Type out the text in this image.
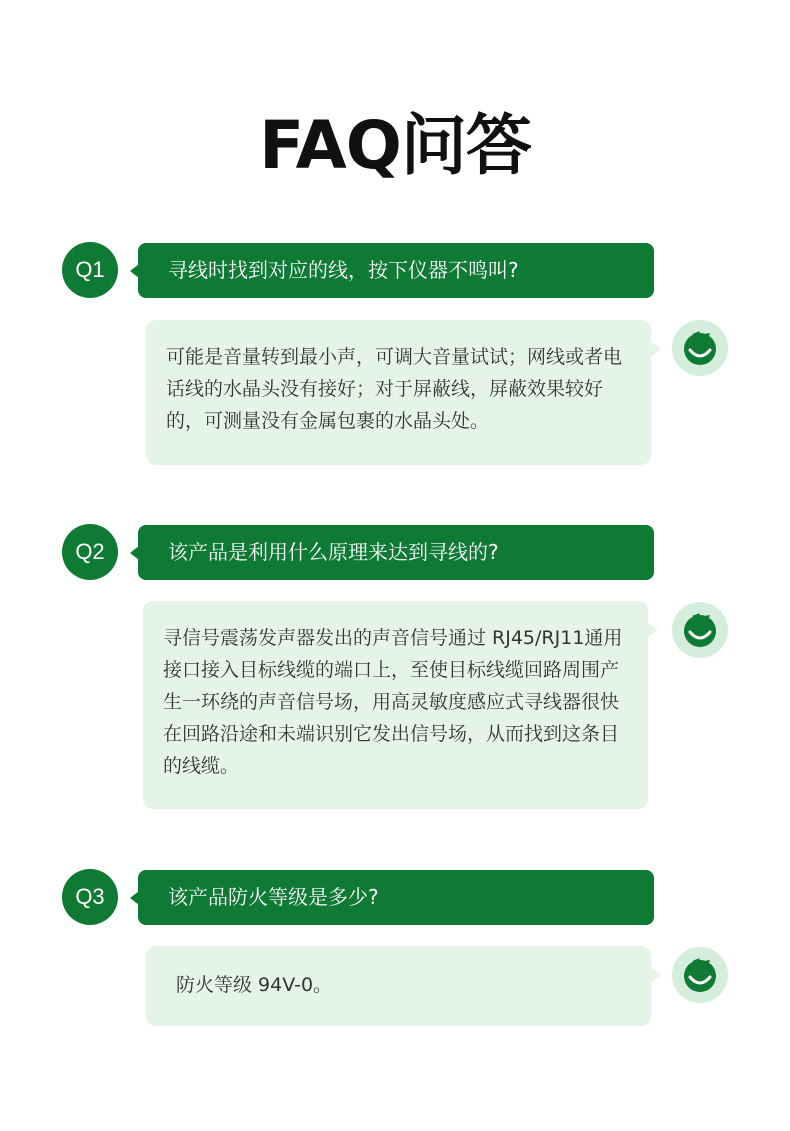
FAQ问答
Q1	寻线时找到对应的线，按下仪器不鸣叫?
可能是音量转到最小声，可调大音量试试；网线或者电话线的水晶头没有接好；对于屏蔽线，屏蔽效果较好的，可测量没有金属包裹的水晶头处。
Q2	该产品是利用什么原理来达到寻线的?
寻信号震荡发声器发出的声音信号通过 RJ45/RJ11通用接口接入目标线缆的端口上，至使目标线缆回路周围产生一环绕的声音信号场，用高灵敏度感应式寻线器很快在回路沿途和未端识别它发出信号场，从而找到这条目的线缆。
Q3	该产品防火等级是多少?
防火等级 94V-0。
